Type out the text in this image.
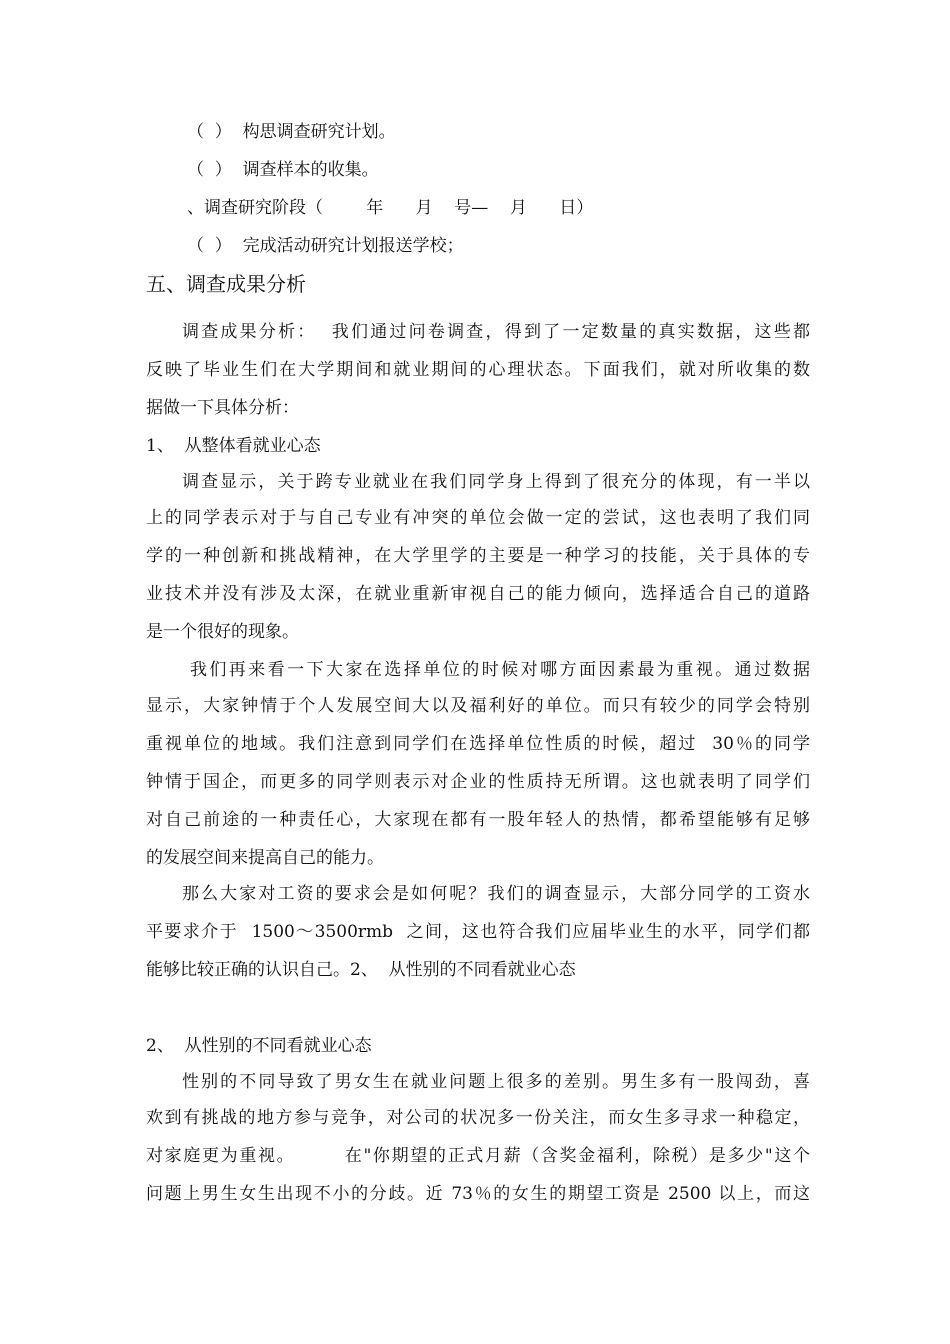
（  ）  构思调查研究计划。
（  ）  调查样本的收集。
、调查研究阶段（        年      月    号—    月      日）
（  ）  完成活动研究计划报送学校；
五、调查成果分析
调查成果分析：  我们通过问卷调查，得到了一定数量的真实数据，这些都
反映了毕业生们在大学期间和就业期间的心理状态。下面我们，就对所收集的数
据做一下具体分析：
1、  从整体看就业心态
调查显示，关于跨专业就业在我们同学身上得到了很充分的体现，有一半以
上的同学表示对于与自己专业有冲突的单位会做一定的尝试，这也表明了我们同
学的一种创新和挑战精神，在大学里学的主要是一种学习的技能，关于具体的专
业技术并没有涉及太深，在就业重新审视自己的能力倾向，选择适合自己的道路
是一个很好的现象。
我们再来看一下大家在选择单位的时候对哪方面因素最为重视。通过数据
显示，大家钟情于个人发展空间大以及福利好的单位。而只有较少的同学会特别
重视单位的地域。我们注意到同学们在选择单位性质的时候，超过  30％的同学
钟情于国企，而更多的同学则表示对企业的性质持无所谓。这也就表明了同学们
对自己前途的一种责任心，大家现在都有一股年轻人的热情，都希望能够有足够
的发展空间来提高自己的能力。
那么大家对工资的要求会是如何呢？我们的调查显示，大部分同学的工资水
平要求介于  1500～3500rmb  之间，这也符合我们应届毕业生的水平，同学们都
能够比较正确的认识自己。2、  从性别的不同看就业心态
2、  从性别的不同看就业心态
性别的不同导致了男女生在就业问题上很多的差别。男生多有一股闯劲，喜
欢到有挑战的地方参与竞争，对公司的状况多一份关注，而女生多寻求一种稳定，
对家庭更为重视。       在"你期望的正式月薪（含奖金福利，除税）是多少"这个
问题上男生女生出现不小的分歧。近 73％的女生的期望工资是 2500 以上，而这
